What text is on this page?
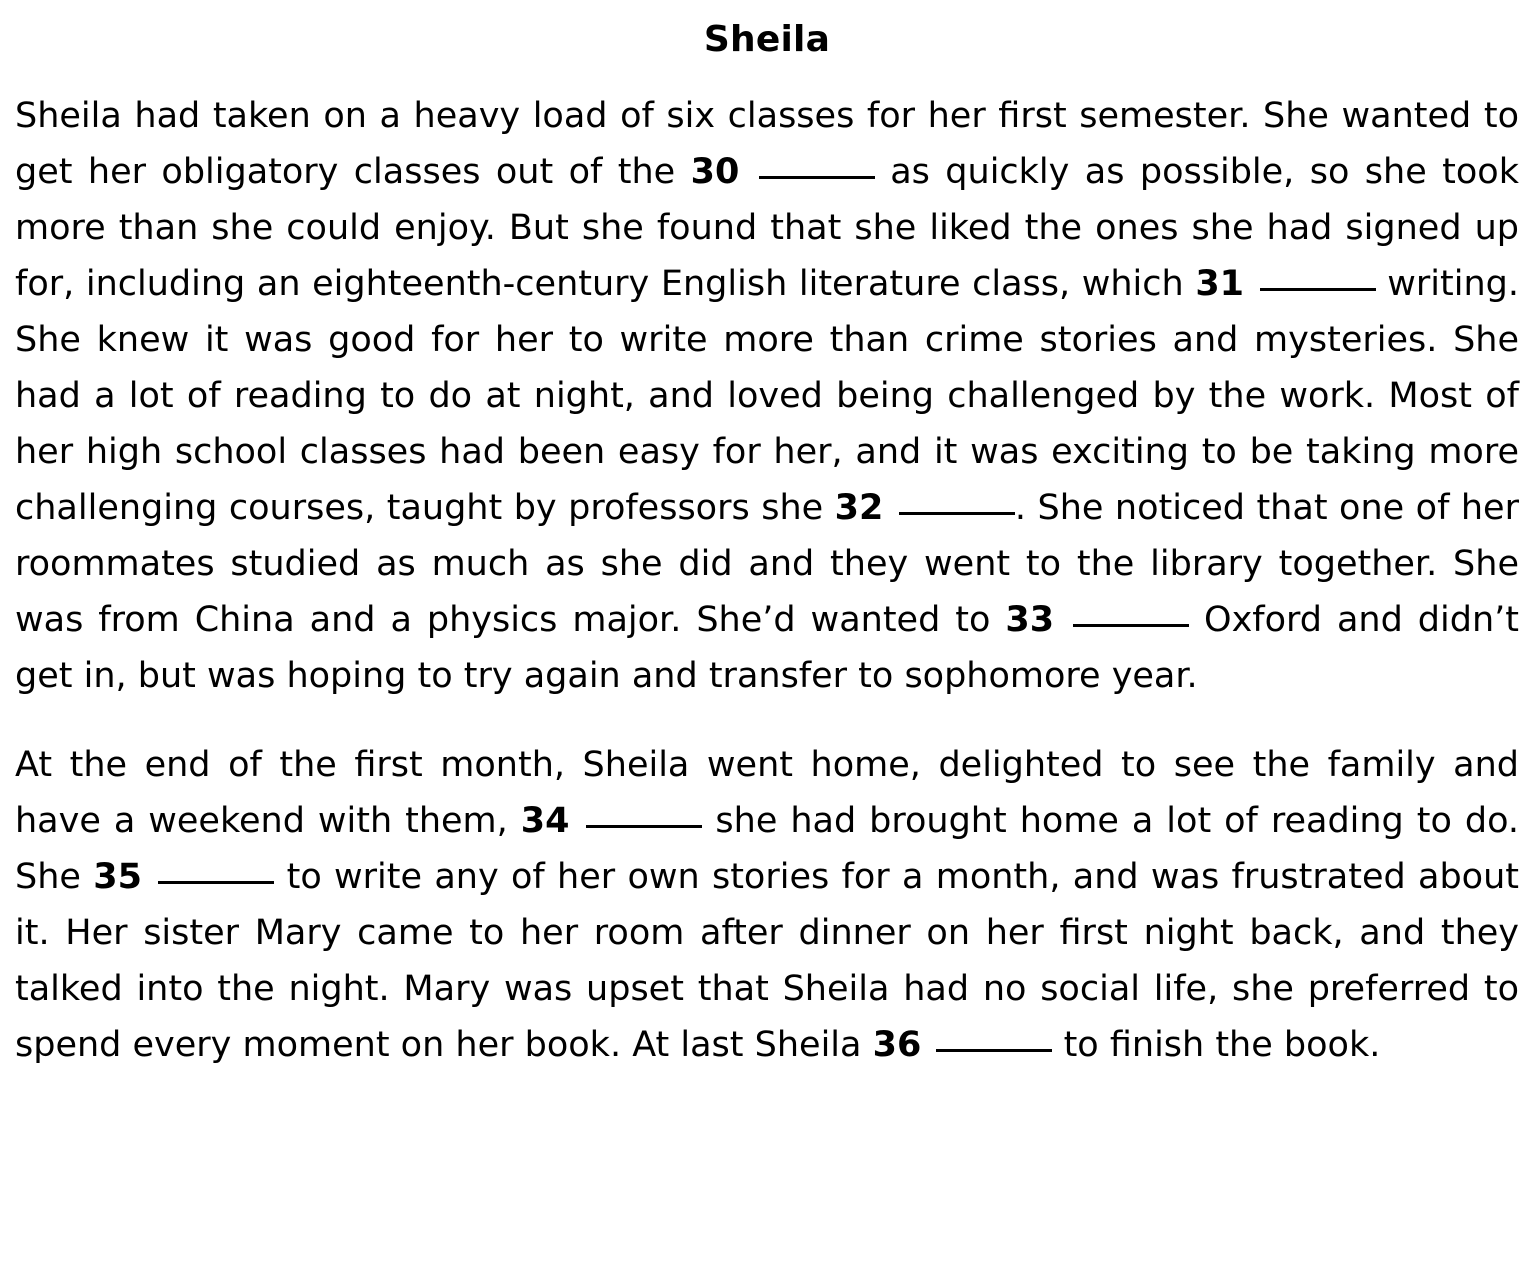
Sheila

Sheila had taken on a heavy load of six classes for her first semester. She wanted to get her obligatory classes out of the 30	as quickly as possible, so she took more than she could enjoy. But she found that she liked the ones she had signed up for, including an eighteenth-century English literature class, which 31	writing. She knew it was good for her to write more than crime stories and mysteries. She had a lot of reading to do at night, and loved being challenged by the work. Most of her high school classes had been easy for her, and it was exciting to be taking more challenging courses, taught by professors she 32	. She noticed that one of her roommates studied as much as she did and they went to the library together. She was from China and a physics major. She’d wanted to 33	Oxford and didn’t get in, but was hoping to try again and transfer to sophomore year.

At the end of the first month, Sheila went home, delighted to see the family and have a weekend with them, 34	she had brought home a lot of reading to do. She 35	to write any of her own stories for a month, and was frustrated about it. Her sister Mary came to her room after dinner on her first night back, and they talked into the night. Mary was upset that Sheila had no social life, she preferred to spend every moment on her book. At last Sheila 36	to finish the book.
